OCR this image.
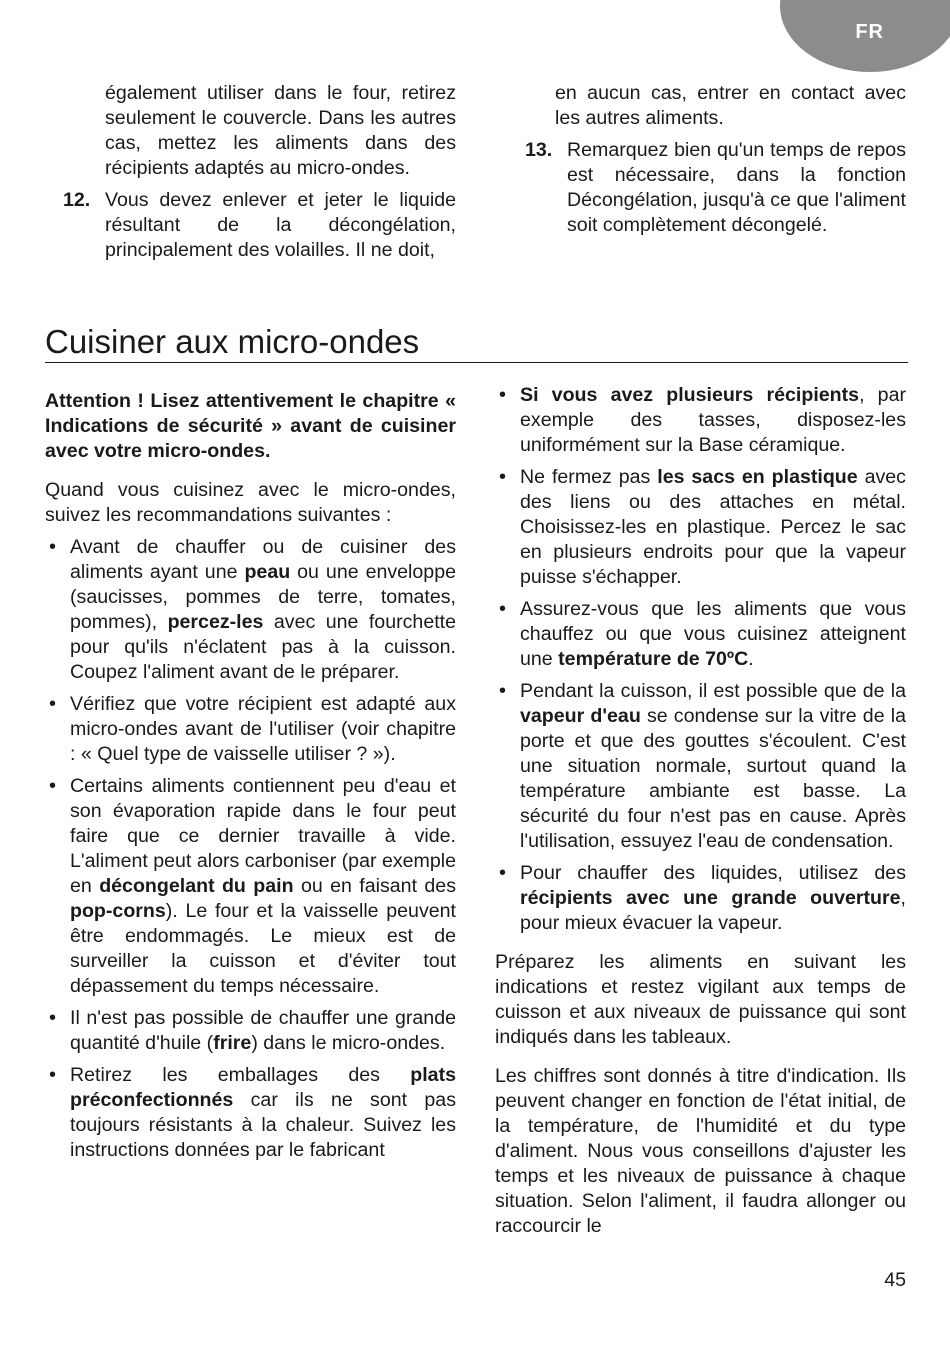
FR

également utiliser dans le four, retirez seulement le couvercle. Dans les autres cas, mettez les aliments dans des récipients adaptés au micro-ondes.

12. Vous devez enlever et jeter le liquide résultant de la décongélation, principalement des volailles. Il ne doit,

en aucun cas, entrer en contact avec les autres aliments.

13. Remarquez bien qu'un temps de repos est nécessaire, dans la fonction Décongélation, jusqu'à ce que l'aliment soit complètement décongelé.

Cuisiner aux micro-ondes

Attention ! Lisez attentivement le chapitre « Indications de sécurité » avant de cuisiner avec votre micro-ondes.

Quand vous cuisinez avec le micro-ondes, suivez les recommandations suivantes :

• Avant de chauffer ou de cuisiner des aliments ayant une peau ou une enveloppe (saucisses, pommes de terre, tomates, pommes), percez-les avec une fourchette pour qu'ils n'éclatent pas à la cuisson. Coupez l'aliment avant de le préparer.
• Vérifiez que votre récipient est adapté aux micro-ondes avant de l'utiliser (voir chapitre : « Quel type de vaisselle utiliser ? »).
• Certains aliments contiennent peu d'eau et son évaporation rapide dans le four peut faire que ce dernier travaille à vide. L'aliment peut alors carboniser (par exemple en décongelant du pain ou en faisant des pop-corns). Le four et la vaisselle peuvent être endommagés. Le mieux est de surveiller la cuisson et d'éviter tout dépassement du temps nécessaire.
• Il n'est pas possible de chauffer une grande quantité d'huile (frire) dans le micro-ondes.
• Retirez les emballages des plats préconfectionnés car ils ne sont pas toujours résistants à la chaleur. Suivez les instructions données par le fabricant
• Si vous avez plusieurs récipients, par exemple des tasses, disposez-les uniformément sur la Base céramique.
• Ne fermez pas les sacs en plastique avec des liens ou des attaches en métal. Choisissez-les en plastique. Percez le sac en plusieurs endroits pour que la vapeur puisse s'échapper.
• Assurez-vous que les aliments que vous chauffez ou que vous cuisinez atteignent une température de 70ºC.
• Pendant la cuisson, il est possible que de la vapeur d'eau se condense sur la vitre de la porte et que des gouttes s'écoulent. C'est une situation normale, surtout quand la température ambiante est basse. La sécurité du four n'est pas en cause. Après l'utilisation, essuyez l'eau de condensation.
• Pour chauffer des liquides, utilisez des récipients avec une grande ouverture, pour mieux évacuer la vapeur.

Préparez les aliments en suivant les indications et restez vigilant aux temps de cuisson et aux niveaux de puissance qui sont indiqués dans les tableaux.

Les chiffres sont donnés à titre d'indication. Ils peuvent changer en fonction de l'état initial, de la température, de l'humidité et du type d'aliment. Nous vous conseillons d'ajuster les temps et les niveaux de puissance à chaque situation. Selon l'aliment, il faudra allonger ou raccourcir le

45
